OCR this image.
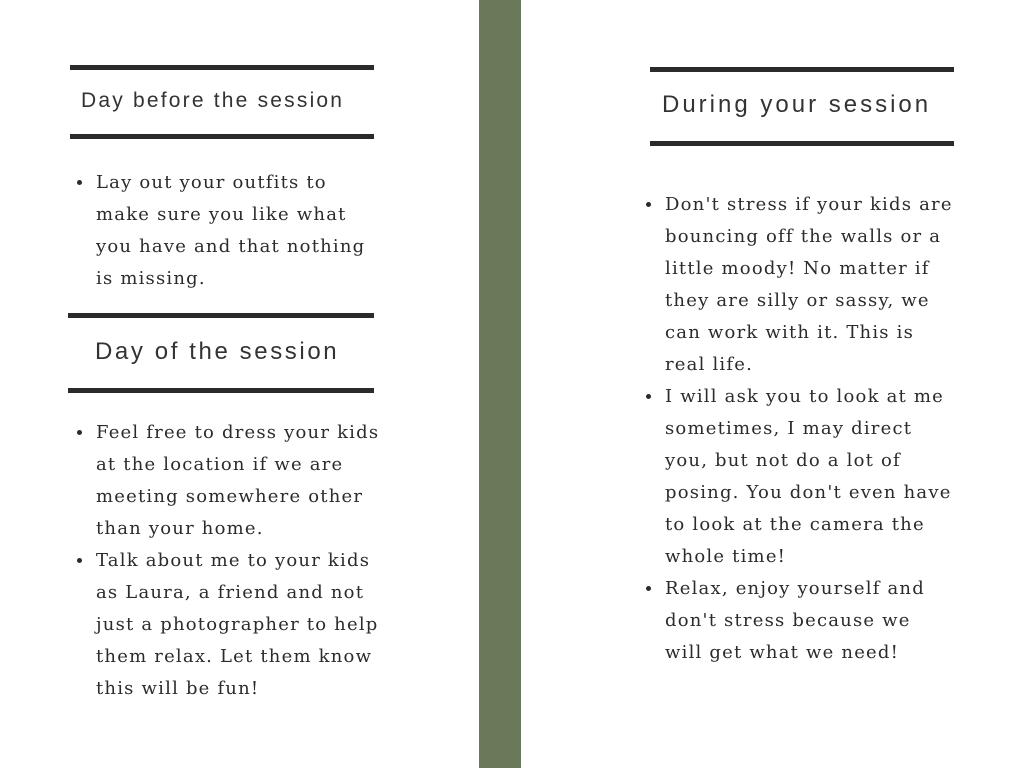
Day before the session
• Lay out your outfits to make sure you like what you have and that nothing is missing.
Day of the session
• Feel free to dress your kids at the location if we are meeting somewhere other than your home.
• Talk about me to your kids as Laura, a friend and not just a photographer to help them relax. Let them know this will be fun!
During your session
• Don't stress if your kids are bouncing off the walls or a little moody! No matter if they are silly or sassy, we can work with it. This is real life.
• I will ask you to look at me sometimes, I may direct you, but not do a lot of posing. You don't even have to look at the camera the whole time!
• Relax, enjoy yourself and don't stress because we will get what we need!
